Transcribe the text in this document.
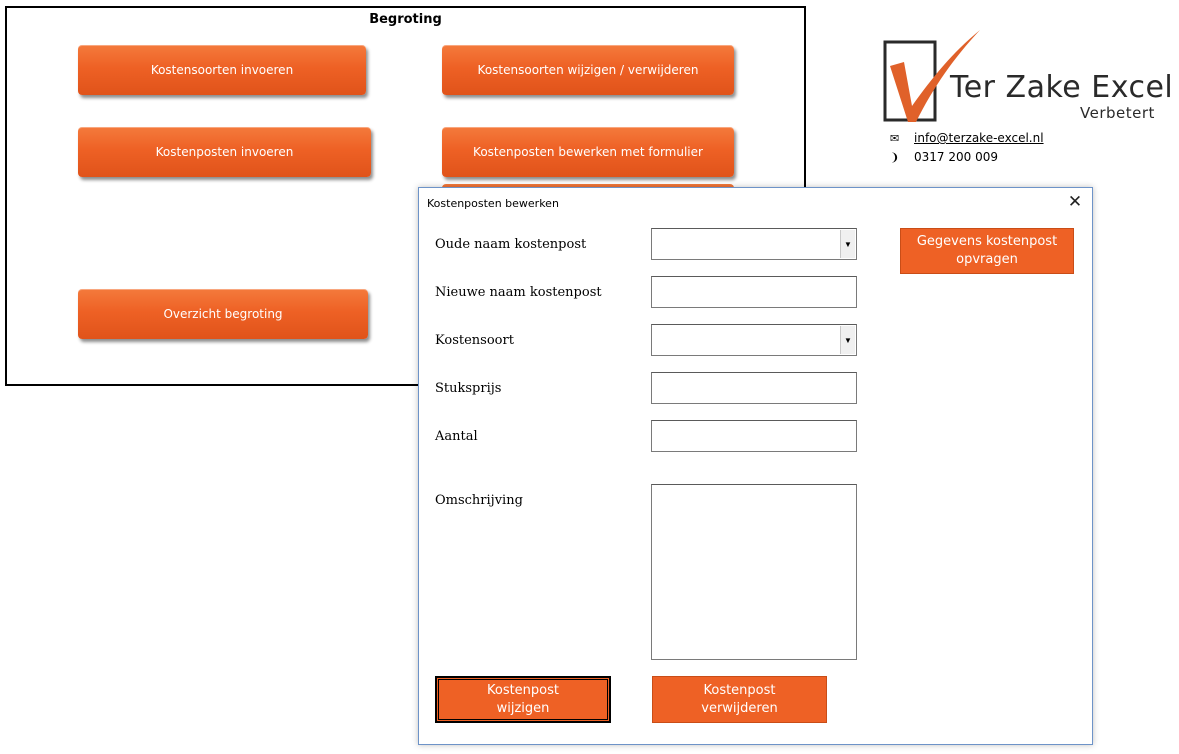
Begroting
Kostensoorten invoeren	Kostensoorten wijzigen / verwijderen
Kostenposten invoeren	Kostenposten bewerken met formulier
Overzicht begroting
Ter Zake Excel
Verbetert
✉	info@terzake-excel.nl
❩	0317 200 009
Kostenposten bewerken	✕
Oude naam kostenpost	▼
Nieuwe naam kostenpost
Kostensoort	▼
Stuksprijs
Aantal
Omschrijving
Gegevens kostenpost
opvragen
Kostenpost
wijzigen
Kostenpost
verwijderen
